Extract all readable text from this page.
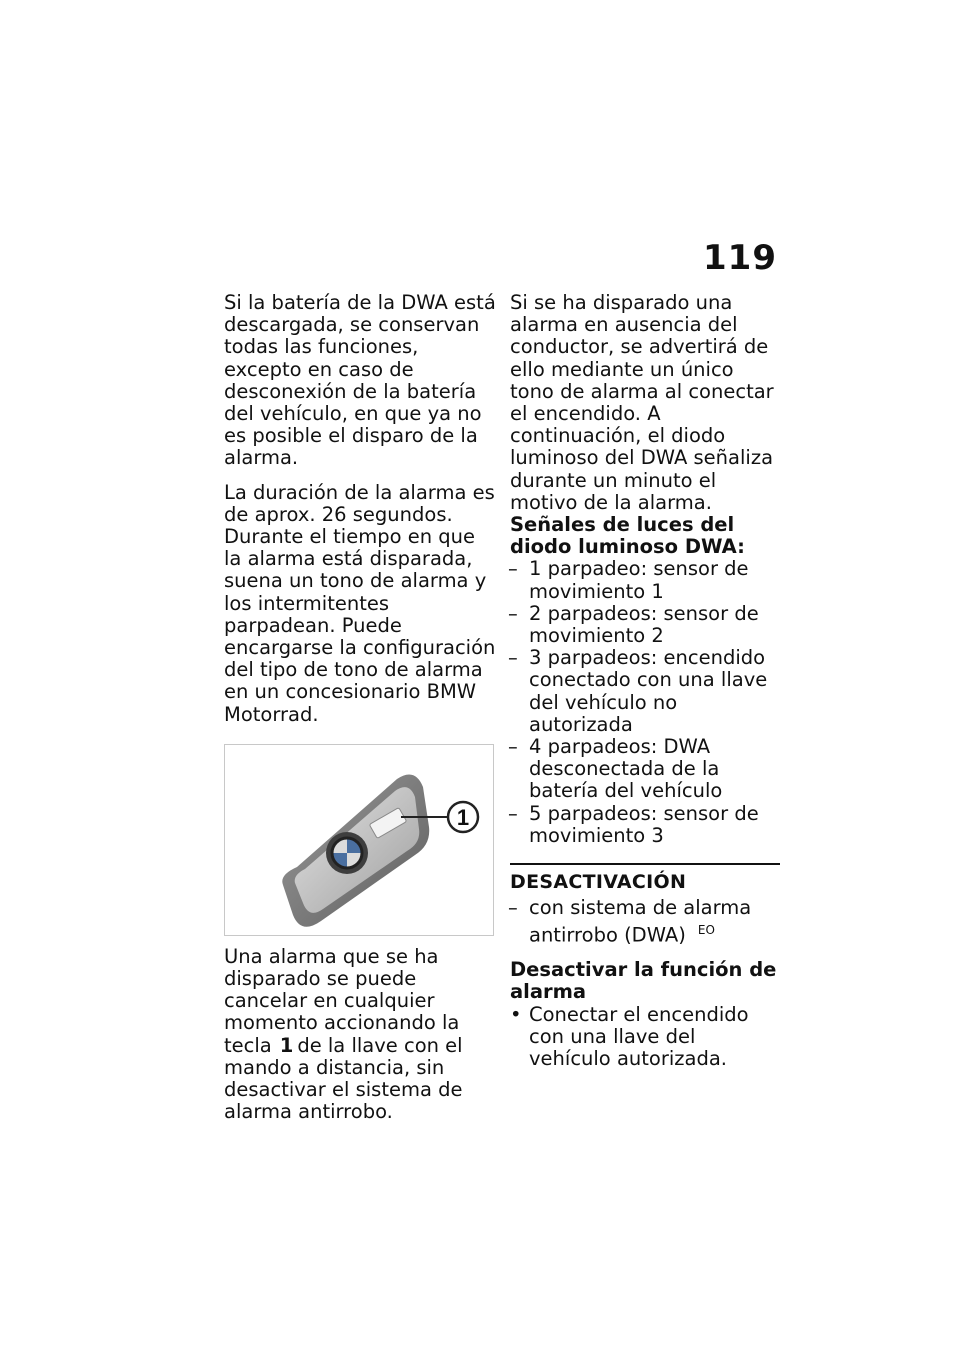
119

Si la batería de la DWA está descargada, se conservan todas las funciones, excepto en caso de desconexión de la batería del vehículo, en que ya no es posible el disparo de la alarma.

La duración de la alarma es de aprox. 26 segundos. Durante el tiempo en que la alarma está disparada, suena un tono de alarma y los intermitentes parpadean. Puede encargarse la configuración del tipo de tono de alarma en un concesionario BMW Motorrad.

1

Una alarma que se ha disparado se puede cancelar en cualquier momento accionando la tecla 1 de la llave con el mando a distancia, sin desactivar el sistema de alarma antirrobo.

Si se ha disparado una alarma en ausencia del conductor, se advertirá de ello mediante un único tono de alarma al conectar el encendido. A continuación, el diodo luminoso del DWA señaliza durante un minuto el motivo de la alarma.

Señales de luces del diodo luminoso DWA:

– 1 parpadeo: sensor de movimiento 1
– 2 parpadeos: sensor de movimiento 2
– 3 parpadeos: encendido conectado con una llave del vehículo no autorizada
– 4 parpadeos: DWA desconectada de la batería del vehículo
– 5 parpadeos: sensor de movimiento 3

DESACTIVACIÓN

– con sistema de alarma antirrobo (DWA) $^{EO}$

Desactivar la función de alarma

• Conectar el encendido con una llave del vehículo autorizada.
